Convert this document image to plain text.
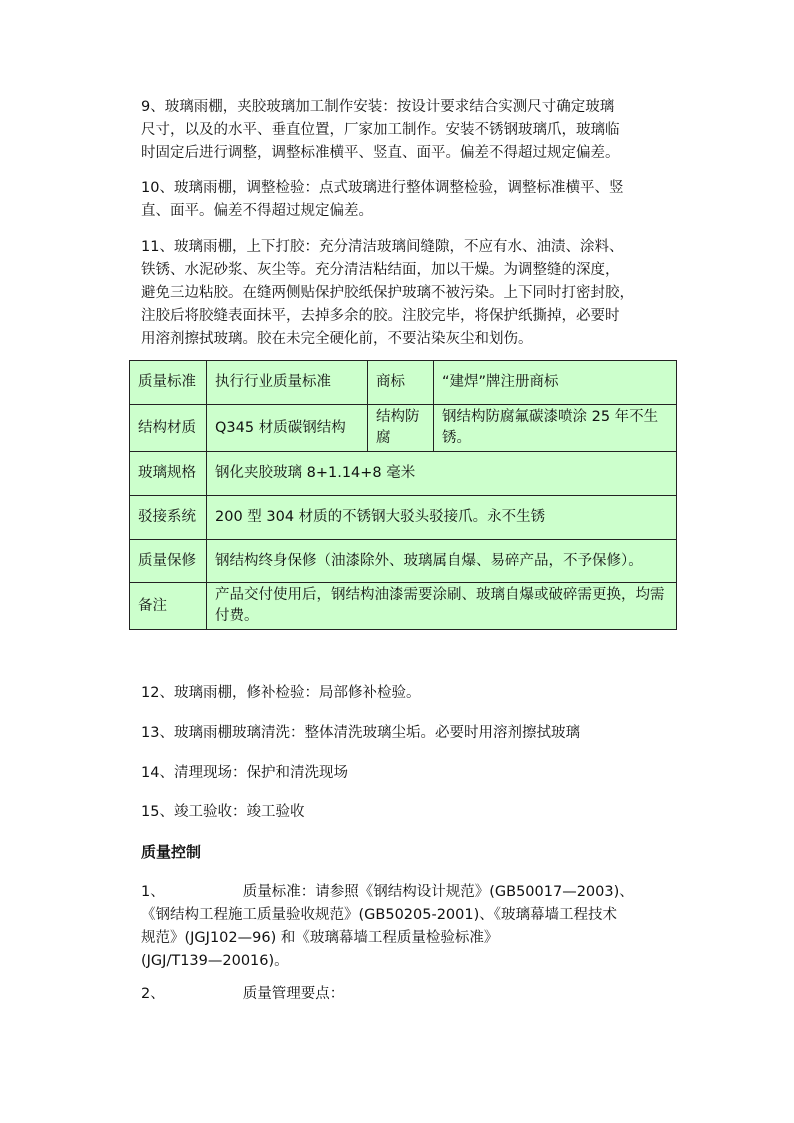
9、玻璃雨棚，夹胶玻璃加工制作安装：按设计要求结合实测尺寸确定玻璃
尺寸，以及的水平、垂直位置，厂家加工制作。安装不锈钢玻璃爪，玻璃临
时固定后进行调整，调整标准横平、竖直、面平。偏差不得超过规定偏差。
10、玻璃雨棚，调整检验：点式玻璃进行整体调整检验，调整标准横平、竖
直、面平。偏差不得超过规定偏差。
11、玻璃雨棚，上下打胶：充分清洁玻璃间缝隙，不应有水、油渍、涂料、
铁锈、水泥砂浆、灰尘等。充分清洁粘结面，加以干燥。为调整缝的深度，
避免三边粘胶。在缝两侧贴保护胶纸保护玻璃不被污染。上下同时打密封胶，
注胶后将胶缝表面抹平，去掉多余的胶。注胶完毕，将保护纸撕掉，必要时
用溶剂擦拭玻璃。胶在未完全硬化前，不要沾染灰尘和划伤。
质量标准	执行行业质量标准	商标	“建焊”牌注册商标
结构材质	Q345 材质碳钢结构	结构防腐	钢结构防腐氟碳漆喷涂 25 年不生锈。
玻璃规格	钢化夹胶玻璃 8+1.14+8 毫米		
驳接系统	200 型 304 材质的不锈钢大驳头驳接爪。永不生锈		
质量保修	钢结构终身保修（油漆除外、玻璃属自爆、易碎产品，不予保修）。		
备注	产品交付使用后，钢结构油漆需要涂刷、玻璃自爆或破碎需更换，均需付费。		
12、玻璃雨棚，修补检验：局部修补检验。
13、玻璃雨棚玻璃清洗：整体清洗玻璃尘垢。必要时用溶剂擦拭玻璃
14、清理现场：保护和清洗现场
15、竣工验收：竣工验收
质量控制
1、	质量标准：请参照《钢结构设计规范》(GB50017—2003)、
《钢结构工程施工质量验收规范》(GB50205-2001)、《玻璃幕墙工程技术
规范》(JGJ102—96) 和《玻璃幕墙工程质量检验标准》
(JGJ/T139—20016)。
2、	质量管理要点：
